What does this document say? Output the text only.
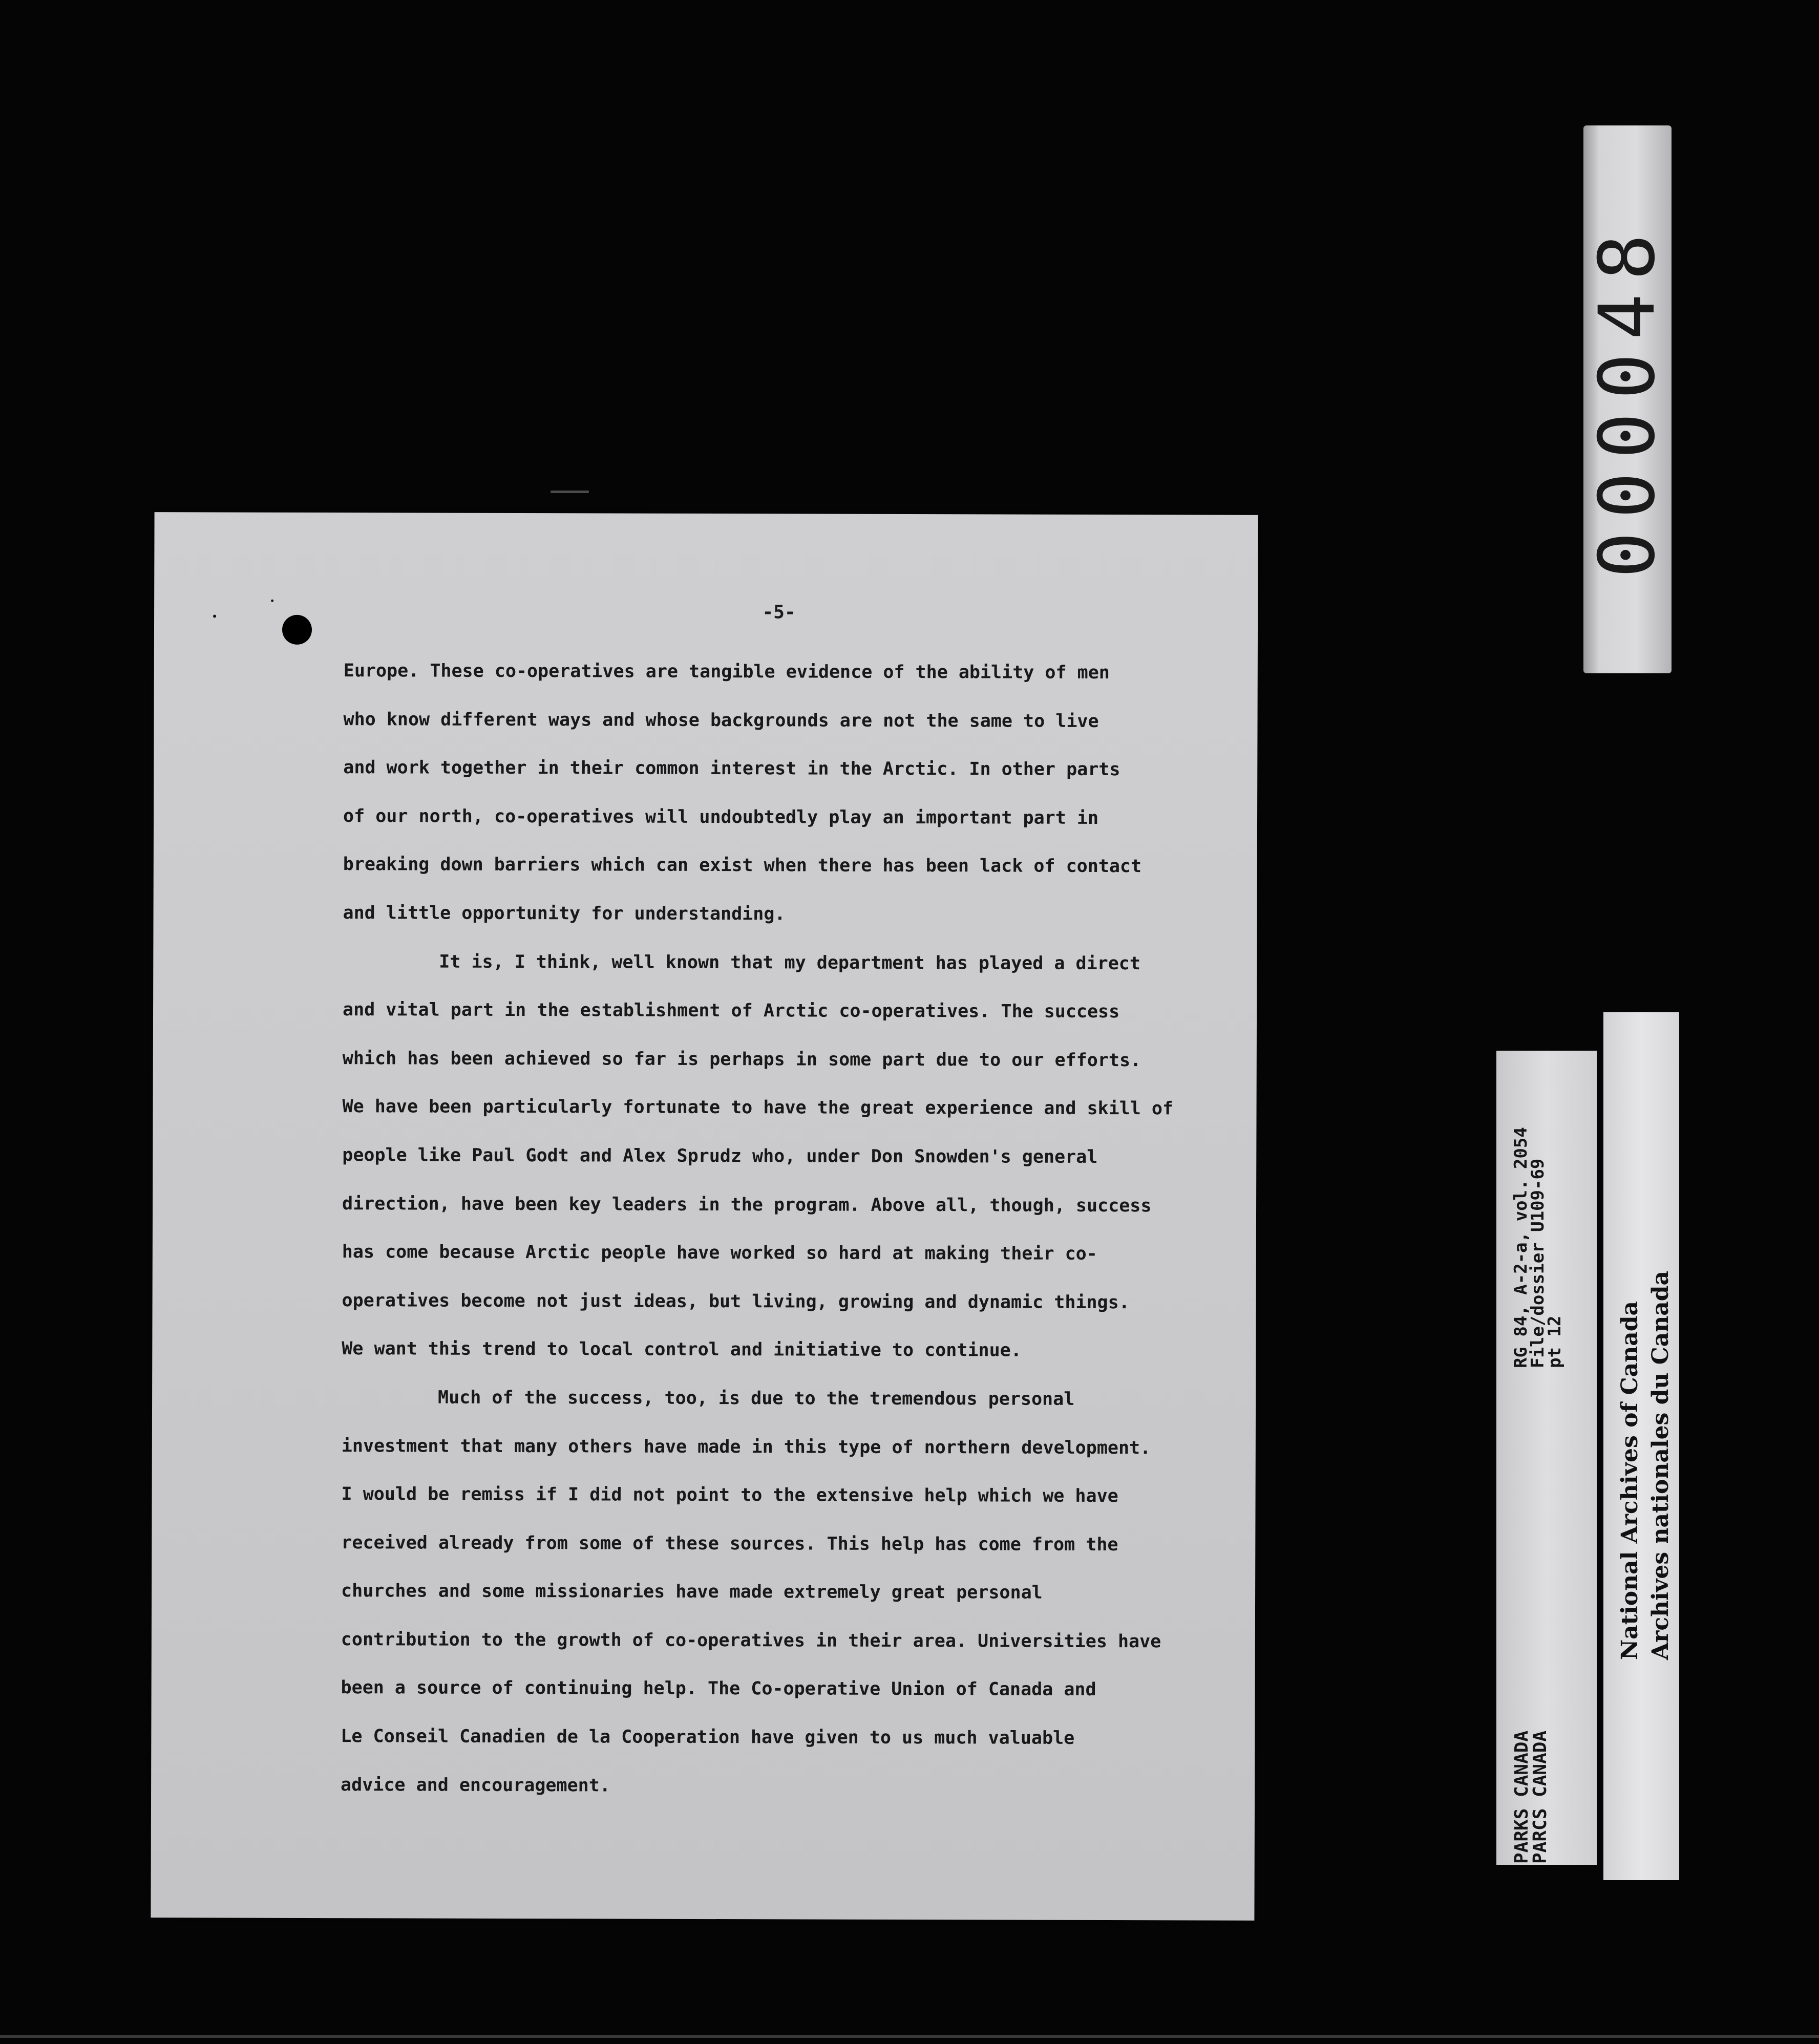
-5-
Europe. These co-operatives are tangible evidence of the ability of men
who know different ways and whose backgrounds are not the same to live
and work together in their common interest in the Arctic. In other parts
of our north, co-operatives will undoubtedly play an important part in
breaking down barriers which can exist when there has been lack of contact
and little opportunity for understanding.
It is, I think, well known that my department has played a direct
and vital part in the establishment of Arctic co-operatives. The success
which has been achieved so far is perhaps in some part due to our efforts.
We have been particularly fortunate to have the great experience and skill of
people like Paul Godt and Alex Sprudz who, under Don Snowden's general
direction, have been key leaders in the program. Above all, though, success
has come because Arctic people have worked so hard at making their co-
operatives become not just ideas, but living, growing and dynamic things.
We want this trend to local control and initiative to continue.
Much of the success, too, is due to the tremendous personal
investment that many others have made in this type of northern development.
I would be remiss if I did not point to the extensive help which we have
received already from some of these sources. This help has come from the
churches and some missionaries have made extremely great personal
contribution to the growth of co-operatives in their area. Universities have
been a source of continuing help. The Co-operative Union of Canada and
Le Conseil Canadien de la Cooperation have given to us much valuable
advice and encouragement.
000048
PARKS CANADA
PARCS CANADA
RG 84, A-2-a, vol. 2054
File/dossier U109-69
pt 12
National Archives of Canada
Archives nationales du Canada
